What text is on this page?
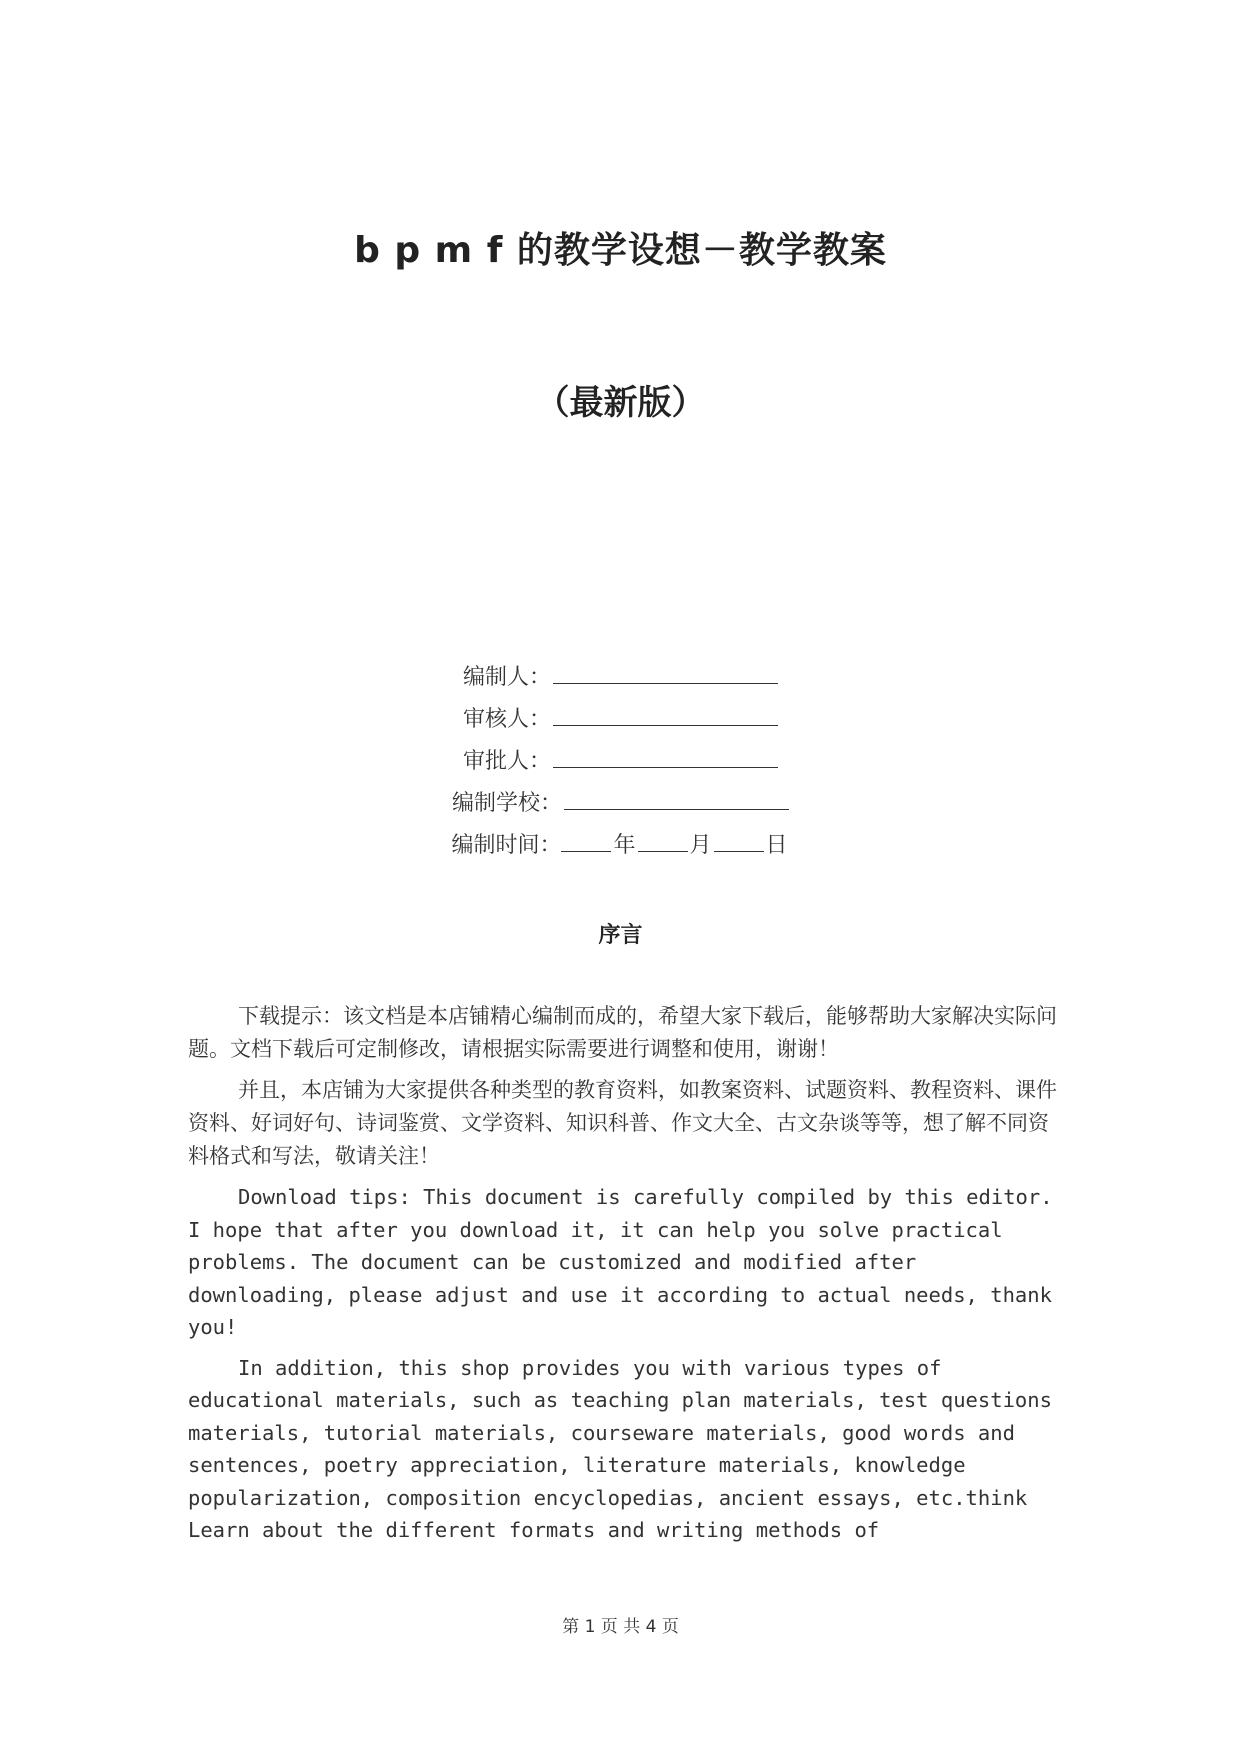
b p m f 的教学设想－教学教案
（最新版）
编制人：
审核人：
审批人：
编制学校：
编制时间： 年 月 日
序言

下载提示：该文档是本店铺精心编制而成的，希望大家下载后，能够帮助大家解决实际问题。文档下载后可定制修改，请根据实际需要进行调整和使用，谢谢！

并且，本店铺为大家提供各种类型的教育资料，如教案资料、试题资料、教程资料、课件资料、好词好句、诗词鉴赏、文学资料、知识科普、作文大全、古文杂谈等等，想了解不同资料格式和写法，敬请关注！

Download tips: This document is carefully compiled by this editor. I hope that after you download it, it can help you solve practical problems. The document can be customized and modified after downloading, please adjust and use it according to actual needs, thank you!

In addition, this shop provides you with various types of educational materials, such as teaching plan materials, test questions materials, tutorial materials, courseware materials, good words and sentences, poetry appreciation, literature materials, knowledge popularization, composition encyclopedias, ancient essays, etc.think Learn about the different formats and writing methods of

第 1 页 共 4 页
